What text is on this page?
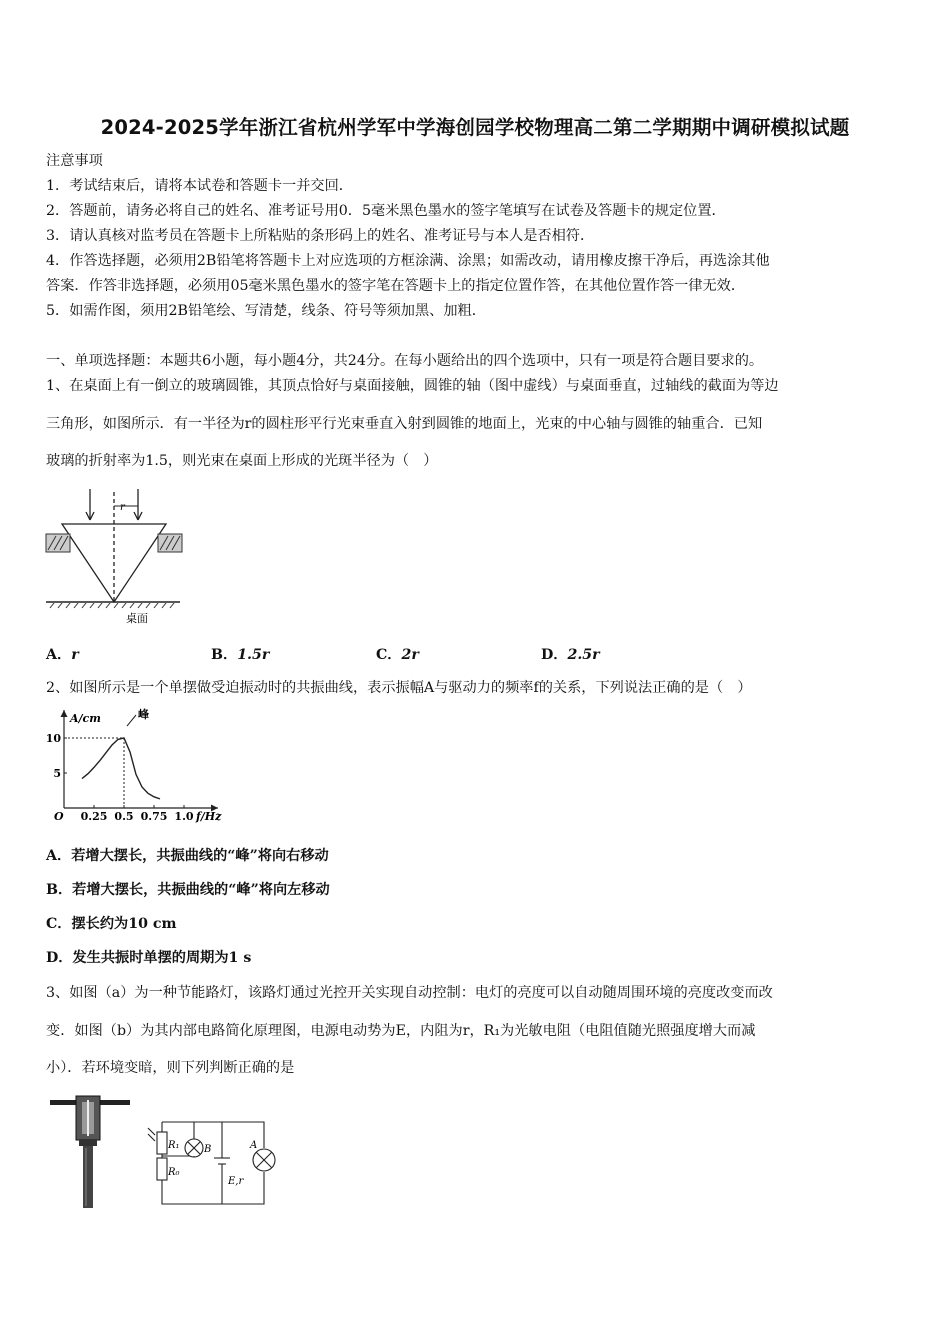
2024-2025学年浙江省杭州学军中学海创园学校物理高二第二学期期中调研模拟试题
注意事项
1．考试结束后，请将本试卷和答题卡一并交回．
2．答题前，请务必将自己的姓名、准考证号用0．5毫米黑色墨水的签字笔填写在试卷及答题卡的规定位置．
3．请认真核对监考员在答题卡上所粘贴的条形码上的姓名、准考证号与本人是否相符．
4．作答选择题，必须用2B铅笔将答题卡上对应选项的方框涂满、涂黑；如需改动，请用橡皮擦干净后，再选涂其他
答案．作答非选择题，必须用05毫米黑色墨水的签字笔在答题卡上的指定位置作答，在其他位置作答一律无效．
5．如需作图，须用2B铅笔绘、写清楚，线条、符号等须加黑、加粗．
一、单项选择题：本题共6小题，每小题4分，共24分。在每小题给出的四个选项中，只有一项是符合题目要求的。
1、在桌面上有一倒立的玻璃圆锥，其顶点恰好与桌面接触，圆锥的轴（图中虚线）与桌面垂直，过轴线的截面为等边
三角形，如图所示．有一半径为r的圆柱形平行光束垂直入射到圆锥的地面上，光束的中心轴与圆锥的轴重合．已知
玻璃的折射率为1.5，则光束在桌面上形成的光斑半径为（　）
r
桌面
A．r	B．1.5r	C．2r	D．2.5r
2、如图所示是一个单摆做受迫振动时的共振曲线，表示振幅A与驱动力的频率f的关系，下列说法正确的是（　）
0.25 0.5 0.75 1.0
5
10
A/cm
f/Hz
O
峰
A．若增大摆长，共振曲线的“峰”将向右移动
B．若增大摆长，共振曲线的“峰”将向左移动
C．摆长约为10 cm
D．发生共振时单摆的周期为1 s
3、如图（a）为一种节能路灯，该路灯通过光控开关实现自动控制：电灯的亮度可以自动随周围环境的亮度改变而改
变．如图（b）为其内部电路简化原理图，电源电动势为E，内阻为r，R₁为光敏电阻（电阻值随光照强度增大而减
小）．若环境变暗，则下列判断正确的是
R₁
R₀
B	A
E,r
